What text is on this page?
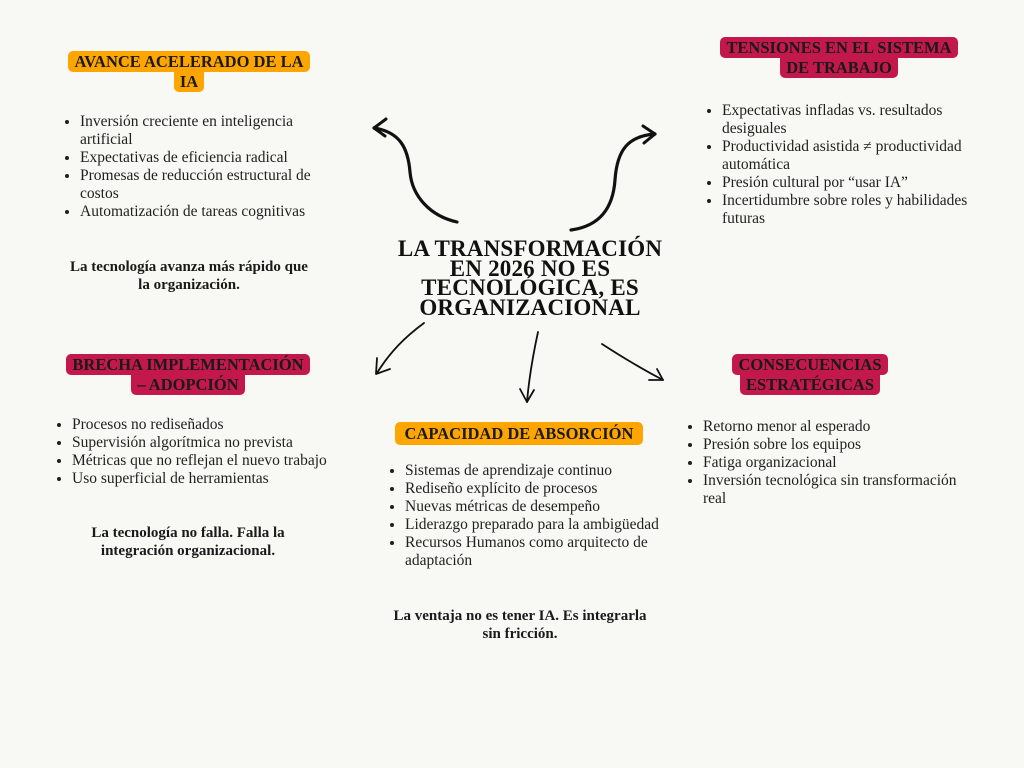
LA TRANSFORMACIÓN
EN 2026 NO ES
TECNOLÓGICA, ES
ORGANIZACIONAL
AVANCE ACELERADO DE LA
IA
• Inversión creciente en inteligencia artificial
• Expectativas de eficiencia radical
• Promesas de reducción estructural de costos
• Automatización de tareas cognitivas
La tecnología avanza más rápido que
la organización.
TENSIONES EN EL SISTEMA
DE TRABAJO
• Expectativas infladas vs. resultados desiguales
• Productividad asistida ≠ productividad automática
• Presión cultural por “usar IA”
• Incertidumbre sobre roles y habilidades futuras
BRECHA IMPLEMENTACIÓN
– ADOPCIÓN
• Procesos no rediseñados
• Supervisión algorítmica no prevista
• Métricas que no reflejan el nuevo trabajo
• Uso superficial de herramientas
La tecnología no falla. Falla la
integración organizacional.
CAPACIDAD DE ABSORCIÓN
• Sistemas de aprendizaje continuo
• Rediseño explícito de procesos
• Nuevas métricas de desempeño
• Liderazgo preparado para la ambigüedad
• Recursos Humanos como arquitecto de adaptación
La ventaja no es tener IA. Es integrarla
sin fricción.
CONSECUENCIAS
ESTRATÉGICAS
• Retorno menor al esperado
• Presión sobre los equipos
• Fatiga organizacional
• Inversión tecnológica sin transformación real
